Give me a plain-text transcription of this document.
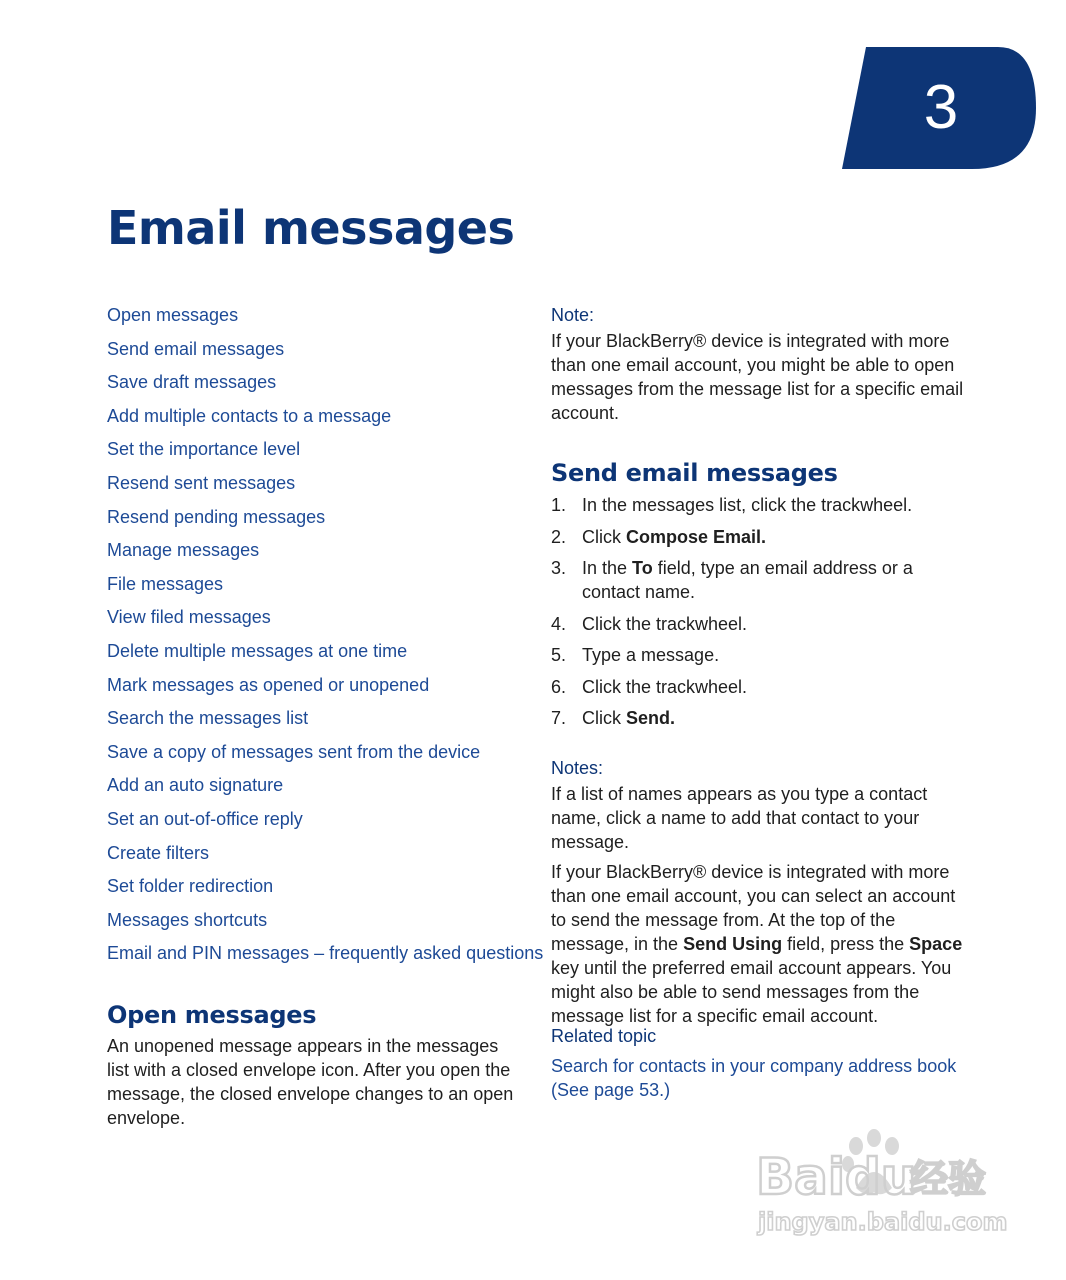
3
Email messages
Open messages
Send email messages
Save draft messages
Add multiple contacts to a message
Set the importance level
Resend sent messages
Resend pending messages
Manage messages
File messages
View filed messages
Delete multiple messages at one time
Mark messages as opened or unopened
Search the messages list
Save a copy of messages sent from the device
Add an auto signature
Set an out-of-office reply
Create filters
Set folder redirection
Messages shortcuts
Email and PIN messages – frequently asked questions
Open messages

An unopened message appears in the messages list with a closed envelope icon. After you open the message, the closed envelope changes to an open envelope.

Note:

If your BlackBerry® device is integrated with more than one email account, you might be able to open messages from the message list for a specific email account.

Send email messages
1. In the messages list, click the trackwheel.
2. Click Compose Email.
3. In the To field, type an email address or a contact name.
4. Click the trackwheel.
5. Type a message.
6. Click the trackwheel.
7. Click Send.

Notes:

If a list of names appears as you type a contact name, click a name to add that contact to your message.

If your BlackBerry® device is integrated with more than one email account, you can select an account to send the message from. At the top of the message, in the Send Using field, press the Space key until the preferred email account appears. You might also be able to send messages from the message list for a specific email account.

Related topic

Search for contacts in your company address book (See page 53.)
Baidu
经验
jingyan.baidu.com
